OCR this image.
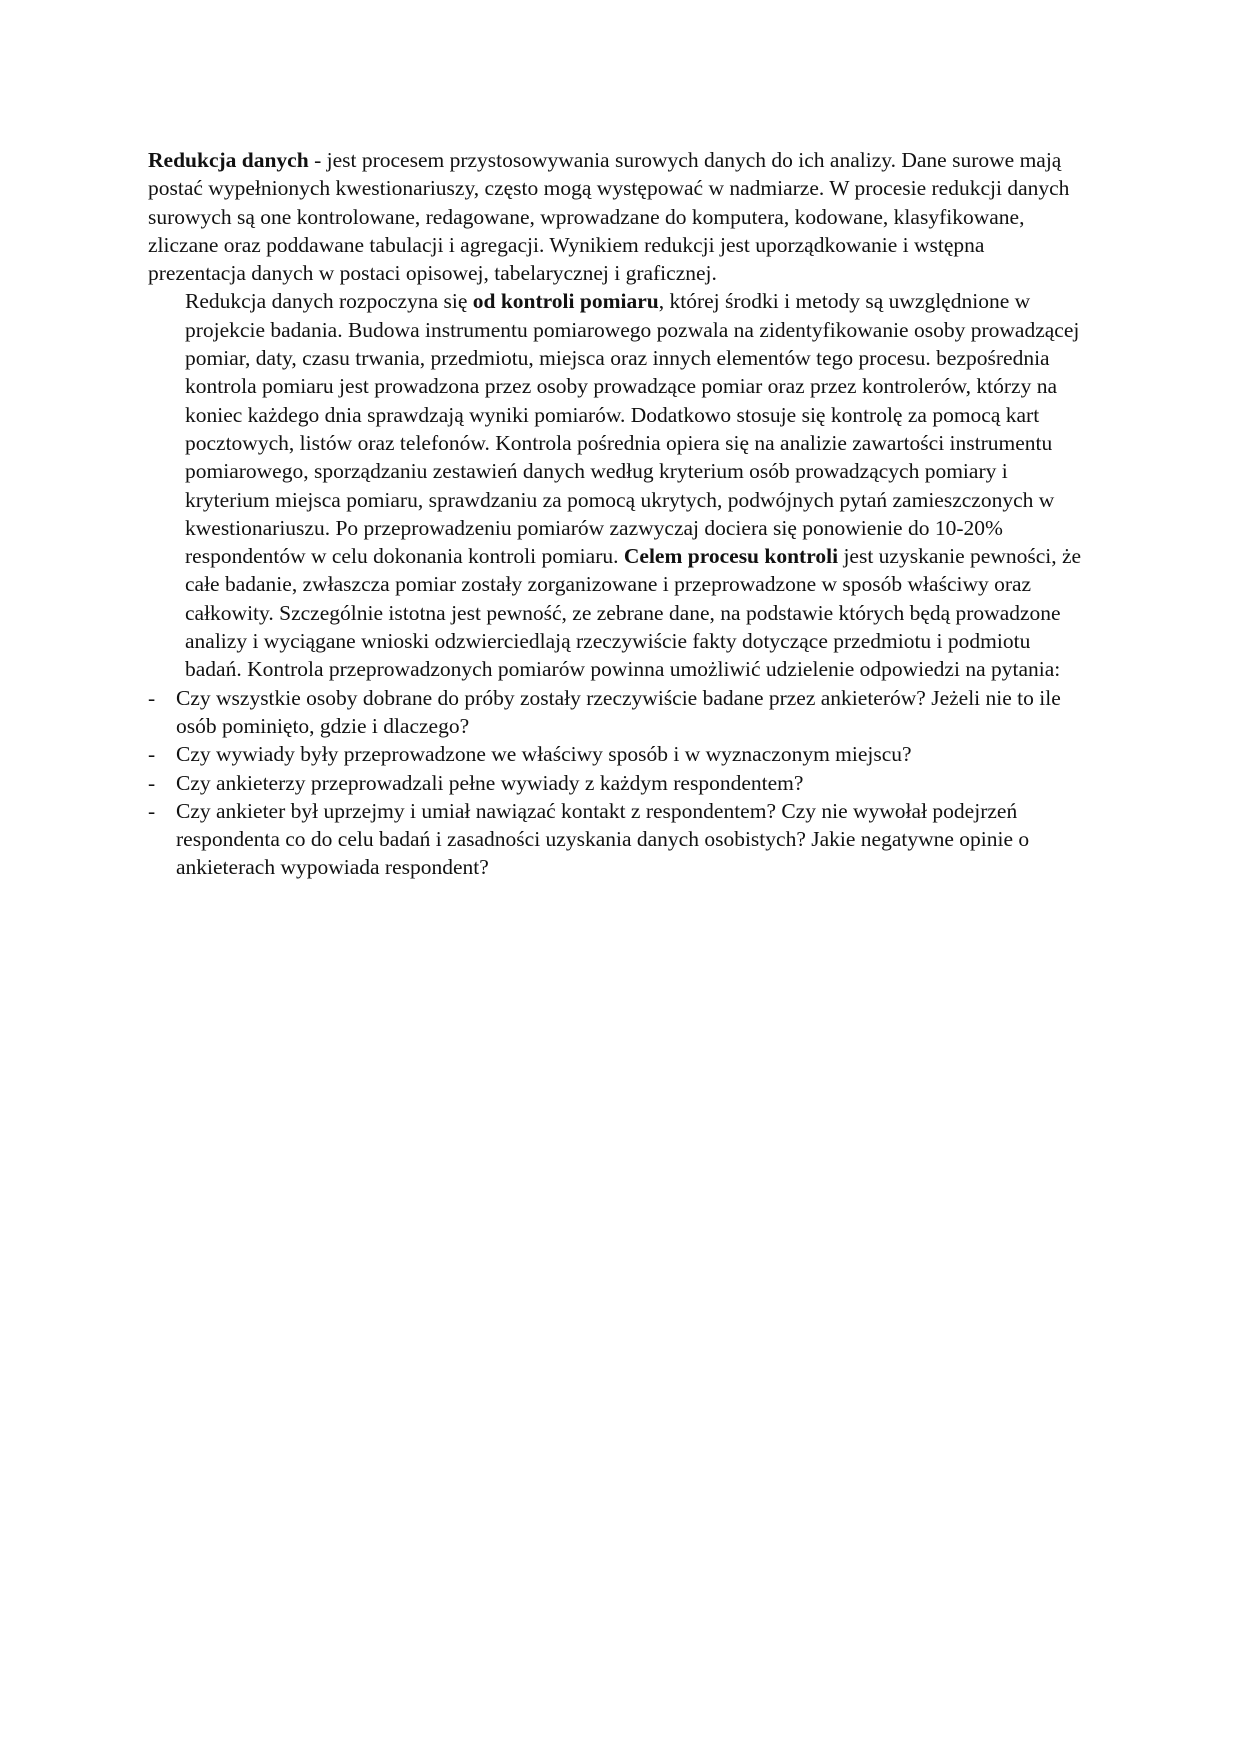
Redukcja danych - jest procesem przystosowywania surowych danych do ich analizy. Dane surowe mają postać wypełnionych kwestionariuszy, często mogą występować w nadmiarze. W procesie redukcji danych surowych są one kontrolowane, redagowane, wprowadzane do komputera, kodowane, klasyfikowane, zliczane oraz poddawane tabulacji i agregacji. Wynikiem redukcji jest uporządkowanie i wstępna prezentacja danych w postaci opisowej, tabelarycznej i graficznej.

Redukcja danych rozpoczyna się od kontroli pomiaru, której środki i metody są uwzględnione w projekcie badania. Budowa instrumentu pomiarowego pozwala na zidentyfikowanie osoby prowadzącej pomiar, daty, czasu trwania, przedmiotu, miejsca oraz innych elementów tego procesu. bezpośrednia kontrola pomiaru jest prowadzona przez osoby prowadzące pomiar oraz przez kontrolerów, którzy na koniec każdego dnia sprawdzają wyniki pomiarów. Dodatkowo stosuje się kontrolę za pomocą kart pocztowych, listów oraz telefonów. Kontrola pośrednia opiera się na analizie zawartości instrumentu pomiarowego, sporządzaniu zestawień danych według kryterium osób prowadzących pomiary i kryterium miejsca pomiaru, sprawdzaniu za pomocą ukrytych, podwójnych pytań zamieszczonych w kwestionariuszu. Po przeprowadzeniu pomiarów zazwyczaj dociera się ponowienie do 10-20% respondentów w celu dokonania kontroli pomiaru. Celem procesu kontroli jest uzyskanie pewności, że całe badanie, zwłaszcza pomiar zostały zorganizowane i przeprowadzone w sposób właściwy oraz całkowity. Szczególnie istotna jest pewność, ze zebrane dane, na podstawie których będą prowadzone analizy i wyciągane wnioski odzwierciedlają rzeczywiście fakty dotyczące przedmiotu i podmiotu badań. Kontrola przeprowadzonych pomiarów powinna umożliwić udzielenie odpowiedzi na pytania:

- Czy wszystkie osoby dobrane do próby zostały rzeczywiście badane przez ankieterów? Jeżeli nie to ile osób pominięto, gdzie i dlaczego?
- Czy wywiady były przeprowadzone we właściwy sposób i w wyznaczonym miejscu?
- Czy ankieterzy przeprowadzali pełne wywiady z każdym respondentem?
- Czy ankieter był uprzejmy i umiał nawiązać kontakt z respondentem? Czy nie wywołał podejrzeń respondenta co do celu badań i zasadności uzyskania danych osobistych? Jakie negatywne opinie o ankieterach wypowiada respondent?
